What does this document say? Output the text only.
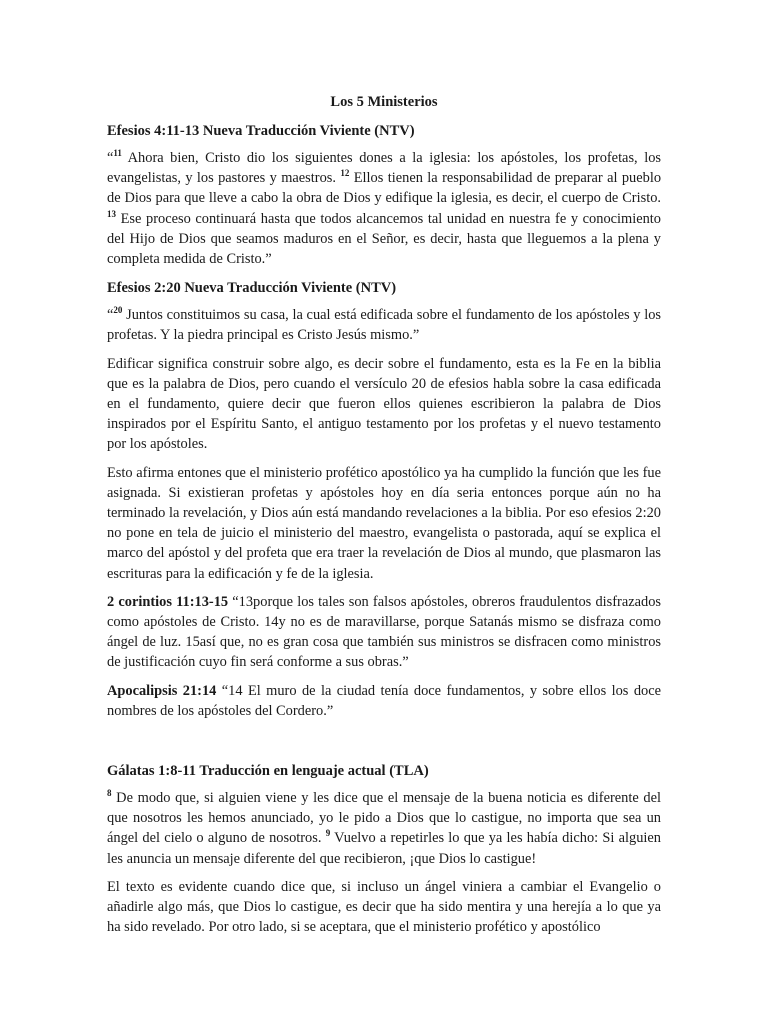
Los 5 Ministerios
Efesios 4:11-13 Nueva Traducción Viviente (NTV)

“$^{11}$ Ahora bien, Cristo dio los siguientes dones a la iglesia: los apóstoles, los profetas, los evangelistas, y los pastores y maestros. $^{12}$ Ellos tienen la responsabilidad de preparar al pueblo de Dios para que lleve a cabo la obra de Dios y edifique la iglesia, es decir, el cuerpo de Cristo. $^{13}$ Ese proceso continuará hasta que todos alcancemos tal unidad en nuestra fe y conocimiento del Hijo de Dios que seamos maduros en el Señor, es decir, hasta que lleguemos a la plena y completa medida de Cristo.”

Efesios 2:20 Nueva Traducción Viviente (NTV)

“$^{20}$ Juntos constituimos su casa, la cual está edificada sobre el fundamento de los apóstoles y los profetas. Y la piedra principal es Cristo Jesús mismo.”

Edificar significa construir sobre algo, es decir sobre el fundamento, esta es la Fe en la biblia que es la palabra de Dios, pero cuando el versículo 20 de efesios habla sobre la casa edificada en el fundamento, quiere decir que fueron ellos quienes escribieron la palabra de Dios inspirados por el Espíritu Santo, el antiguo testamento por los profetas y el nuevo testamento por los apóstoles.

Esto afirma entones que el ministerio profético apostólico ya ha cumplido la función que les fue asignada. Si existieran profetas y apóstoles hoy en día seria entonces porque aún no ha terminado la revelación, y Dios aún está mandando revelaciones a la biblia. Por eso efesios 2:20 no pone en tela de juicio el ministerio del maestro, evangelista o pastorada, aquí se explica el marco del apóstol y del profeta que era traer la revelación de Dios al mundo, que plasmaron las escrituras para la edificación y fe de la iglesia.

2 corintios 11:13-15 “13porque los tales son falsos apóstoles, obreros fraudulentos disfrazados como apóstoles de Cristo. 14y no es de maravillarse, porque Satanás mismo se disfraza como ángel de luz. 15así que, no es gran cosa que también sus ministros se disfracen como ministros de justificación cuyo fin será conforme a sus obras.”

Apocalipsis 21:14 “14 El muro de la ciudad tenía doce fundamentos, y sobre ellos los doce nombres de los apóstoles del Cordero.”

Gálatas 1:8-11 Traducción en lenguaje actual (TLA)

$^8$ De modo que, si alguien viene y les dice que el mensaje de la buena noticia es diferente del que nosotros les hemos anunciado, yo le pido a Dios que lo castigue, no importa que sea un ángel del cielo o alguno de nosotros. $^9$ Vuelvo a repetirles lo que ya les había dicho: Si alguien les anuncia un mensaje diferente del que recibieron, ¡que Dios lo castigue!

El texto es evidente cuando dice que, si incluso un ángel viniera a cambiar el Evangelio o añadirle algo más, que Dios lo castigue, es decir que ha sido mentira y una herejía a lo que ya ha sido revelado. Por otro lado, si se aceptara, que el ministerio profético y apostólico
